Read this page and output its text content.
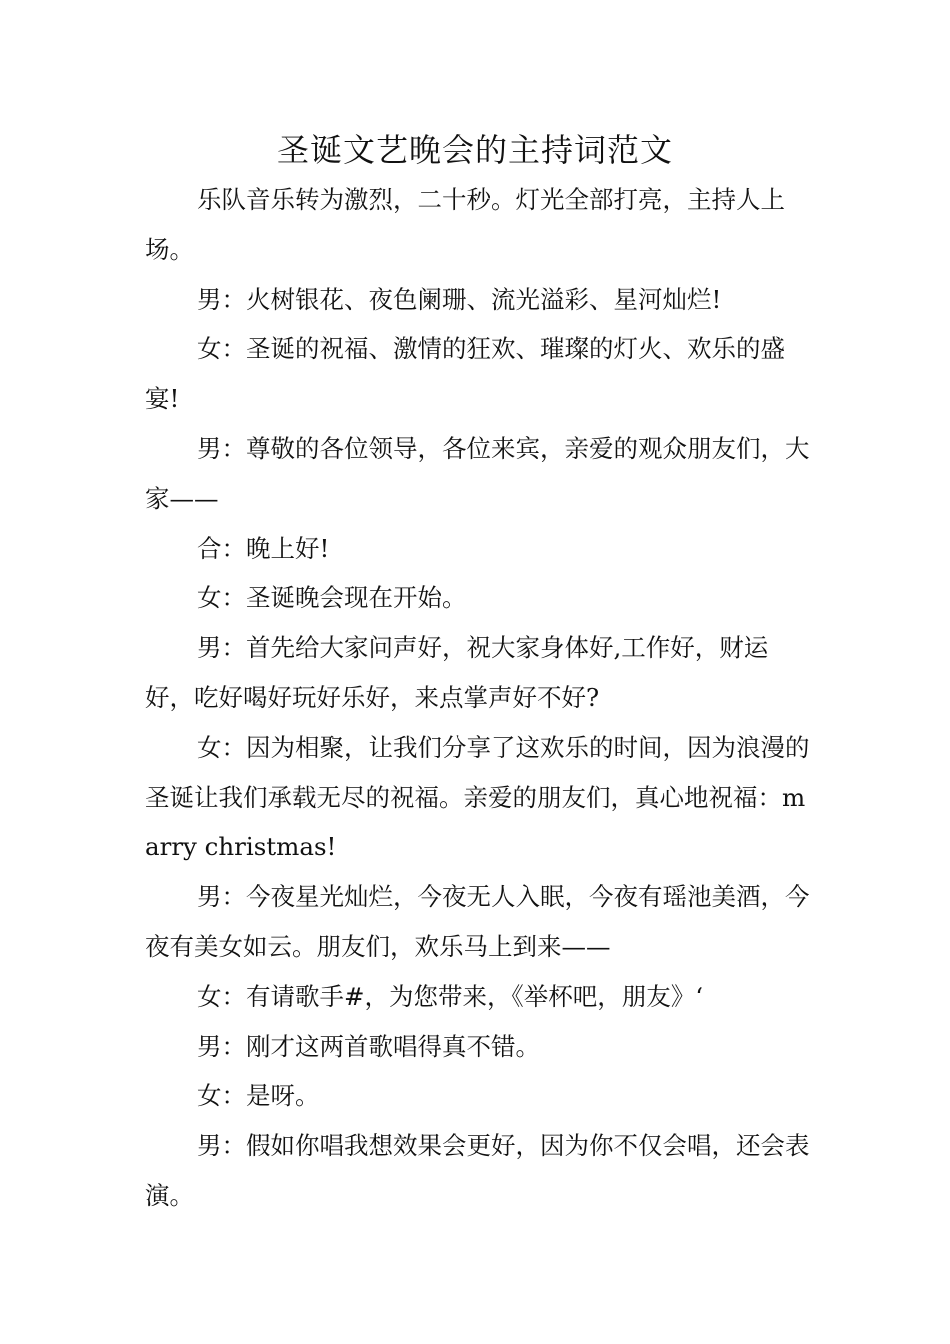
圣诞文艺晚会的主持词范文

乐队音乐转为激烈，二十秒。灯光全部打亮，主持人上场。

男：火树银花、夜色阑珊、流光溢彩、星河灿烂!

女：圣诞的祝福、激情的狂欢、璀璨的灯火、欢乐的盛宴!

男：尊敬的各位领导，各位来宾，亲爱的观众朋友们，大家——

合：晚上好!

女：圣诞晚会现在开始。

男：首先给大家问声好，祝大家身体好,工作好，财运好，吃好喝好玩好乐好，来点掌声好不好?

女：因为相聚，让我们分享了这欢乐的时间，因为浪漫的圣诞让我们承载无尽的祝福。亲爱的朋友们，真心地祝福：marry christmas!

男：今夜星光灿烂，今夜无人入眠，今夜有瑶池美酒，今夜有美女如云。朋友们，欢乐马上到来——

女：有请歌手#，为您带来，《举杯吧，朋友》‘

男：刚才这两首歌唱得真不错。

女：是呀。

男：假如你唱我想效果会更好，因为你不仅会唱，还会表演。
